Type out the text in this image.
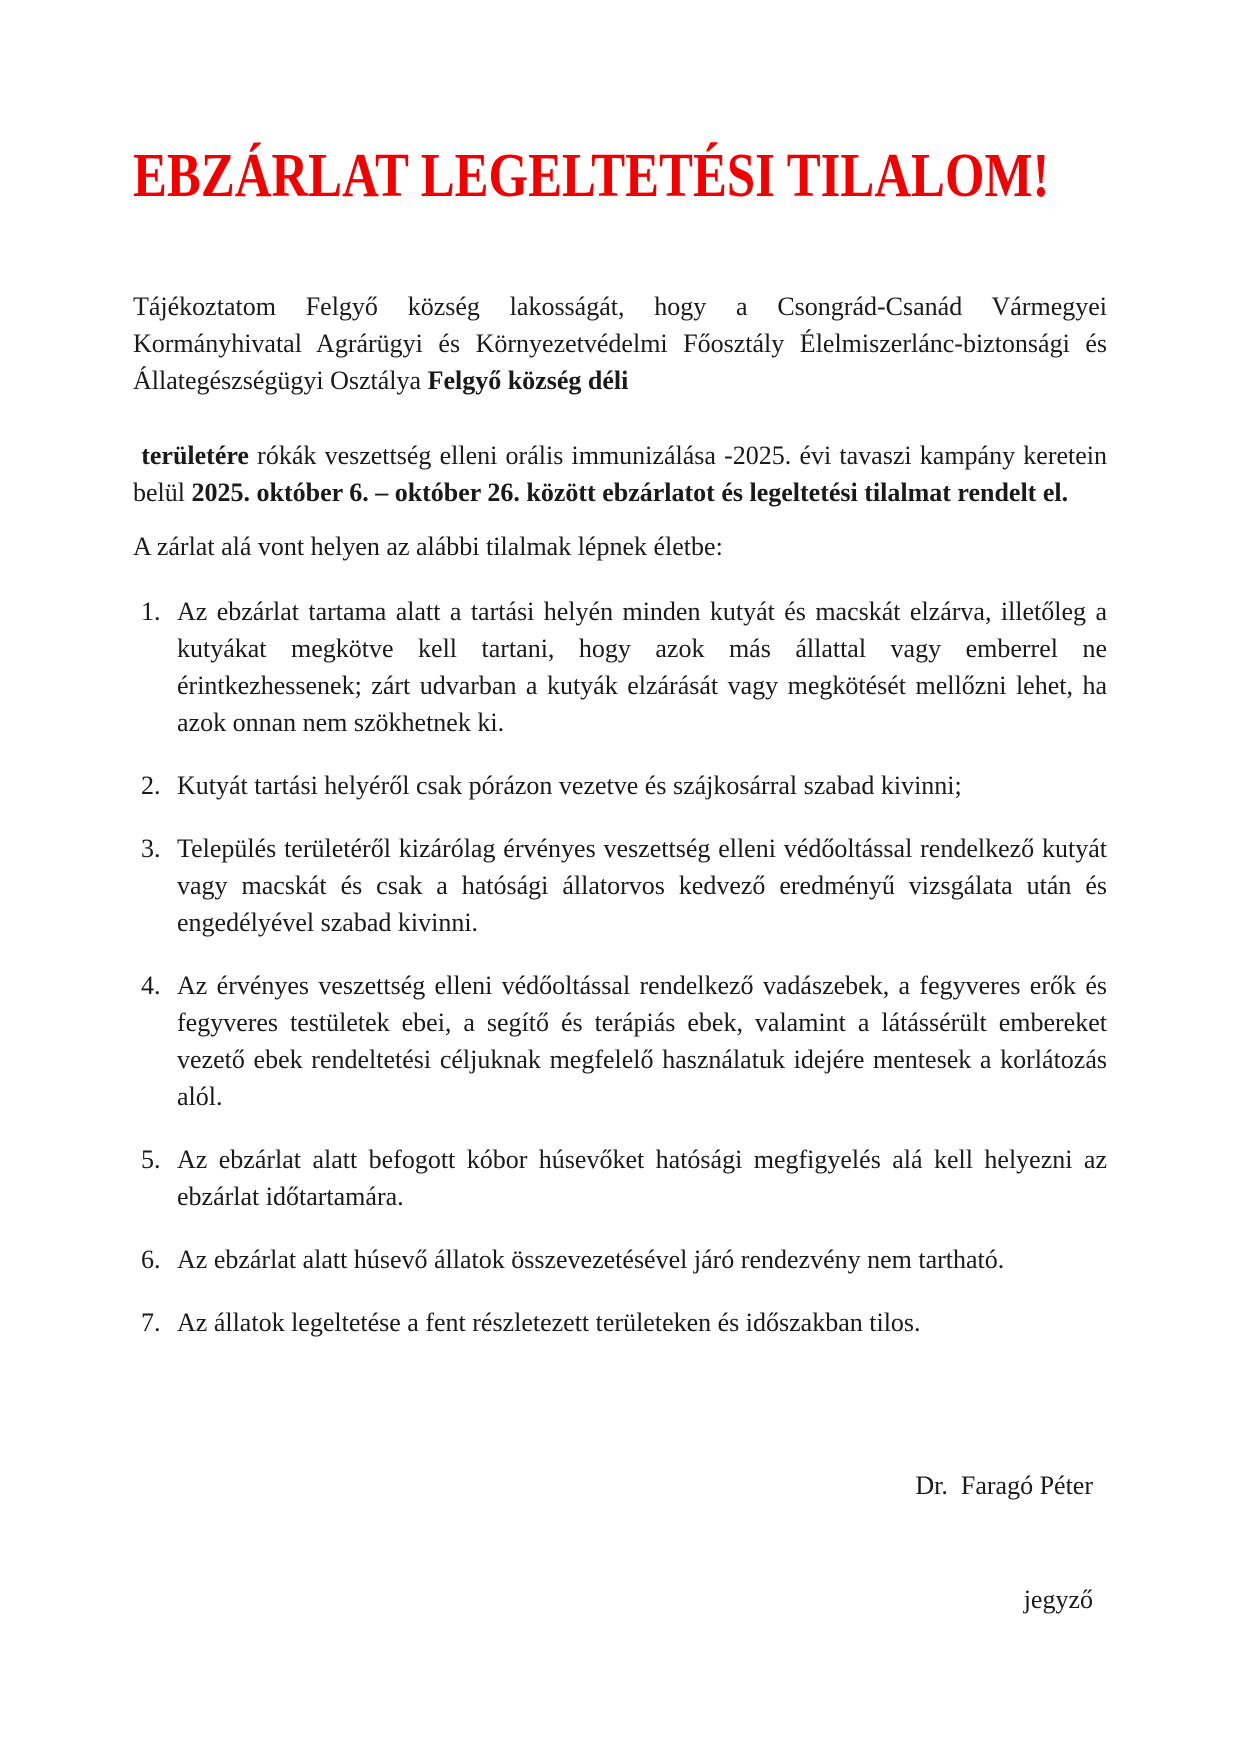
EBZÁRLAT LEGELTETÉSI TILALOM!

Tájékoztatom Felgyő község lakosságát, hogy a Csongrád-Csanád Vármegyei Kormányhivatal Agrárügyi és Környezetvédelmi Főosztály Élelmiszerlánc-biztonsági és Állategészségügyi Osztálya Felgyő község déli

területére rókák veszettség elleni orális immunizálása -2025. évi tavaszi kampány keretein belül 2025. október 6. – október 26. között ebzárlatot és legeltetési tilalmat rendelt el.

A zárlat alá vont helyen az alábbi tilalmak lépnek életbe:

1. Az ebzárlat tartama alatt a tartási helyén minden kutyát és macskát elzárva, illetőleg a kutyákat megkötve kell tartani, hogy azok más állattal vagy emberrel ne érintkezhessenek; zárt udvarban a kutyák elzárását vagy megkötését mellőzni lehet, ha azok onnan nem szökhetnek ki.
2. Kutyát tartási helyéről csak pórázon vezetve és szájkosárral szabad kivinni;
3. Település területéről kizárólag érvényes veszettség elleni védőoltással rendelkező kutyát vagy macskát és csak a hatósági állatorvos kedvező eredményű vizsgálata után és engedélyével szabad kivinni.
4. Az érvényes veszettség elleni védőoltással rendelkező vadászebek, a fegyveres erők és fegyveres testületek ebei, a segítő és terápiás ebek, valamint a látássérült embereket vezető ebek rendeltetési céljuknak megfelelő használatuk idejére mentesek a korlátozás alól.
5. Az ebzárlat alatt befogott kóbor húsevőket hatósági megfigyelés alá kell helyezni az ebzárlat időtartamára.
6. Az ebzárlat alatt húsevő állatok összevezetésével járó rendezvény nem tartható.
7. Az állatok legeltetése a fent részletezett területeken és időszakban tilos.

Dr.  Faragó Péter

jegyző
